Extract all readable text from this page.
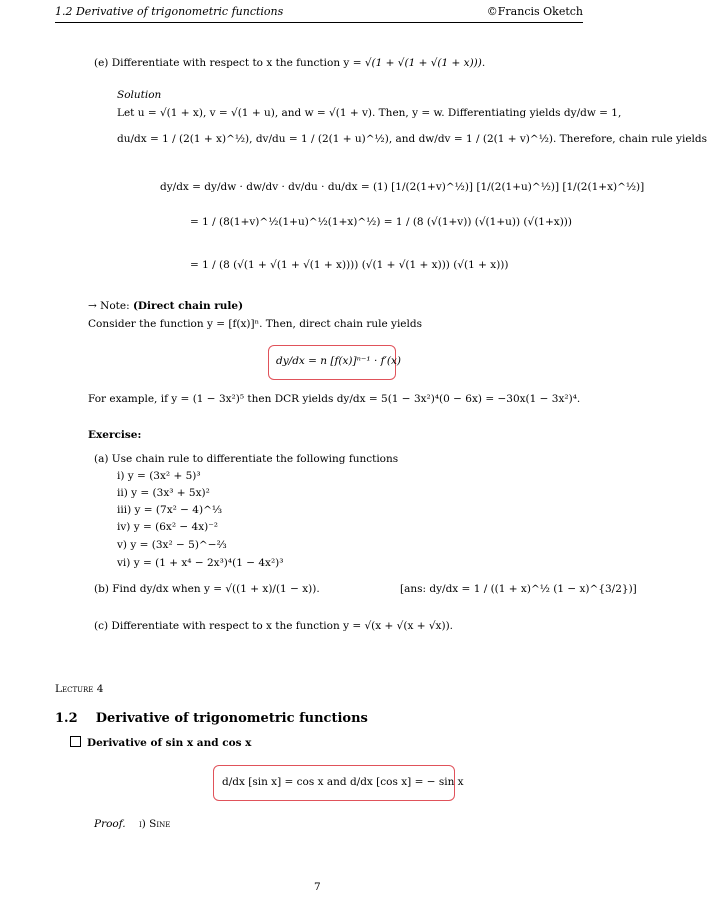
1.2 Derivative of trigonometric functions	©Francis Oketch
(e) Differentiate with respect to x the function y = √(1 + √(1 + √(1 + x))).
Solution
Let u = √(1 + x), v = √(1 + u), and w = √(1 + v). Then, y = w. Differentiating yields dy/dw = 1,
du/dx = 1 / (2(1 + x)^½), dv/du = 1 / (2(1 + u)^½), and dw/dv = 1 / (2(1 + v)^½). Therefore, chain rule yields
dy/dx = dy/dw · dw/dv · dv/du · du/dx = (1) [1/(2(1+v)^½)] [1/(2(1+u)^½)] [1/(2(1+x)^½)]
= 1 / (8(1+v)^½(1+u)^½(1+x)^½) = 1 / (8 (√(1+v)) (√(1+u)) (√(1+x)))
= 1 / (8 (√(1 + √(1 + √(1 + x)))) (√(1 + √(1 + x))) (√(1 + x)))
→ Note: (Direct chain rule)
Consider the function y = [f(x)]ⁿ. Then, direct chain rule yields
dy/dx = n [f(x)]ⁿ⁻¹ · f′(x)
For example, if y = (1 − 3x²)⁵ then DCR yields dy/dx = 5(1 − 3x²)⁴(0 − 6x) = −30x(1 − 3x²)⁴.
Exercise:
(a) Use chain rule to differentiate the following functions
i) y = (3x² + 5)³
ii) y = (3x³ + 5x)²
iii) y = (7x² − 4)^⅓
iv) y = (6x² − 4x)⁻²
v) y = (3x² − 5)^−⅔
vi) y = (1 + x⁴ − 2x³)⁴(1 − 4x²)³
(b) Find dy/dx when y = √((1 + x)/(1 − x)).	[ans: dy/dx = 1 / ((1 + x)^½ (1 − x)^{3/2})]
(c) Differentiate with respect to x the function y = √(x + √(x + √x)).
Lecture 4
1.2 Derivative of trigonometric functions
Derivative of sin x and cos x
d/dx [sin x] = cos x and d/dx [cos x] = − sin x
Proof. i) Sine
7
